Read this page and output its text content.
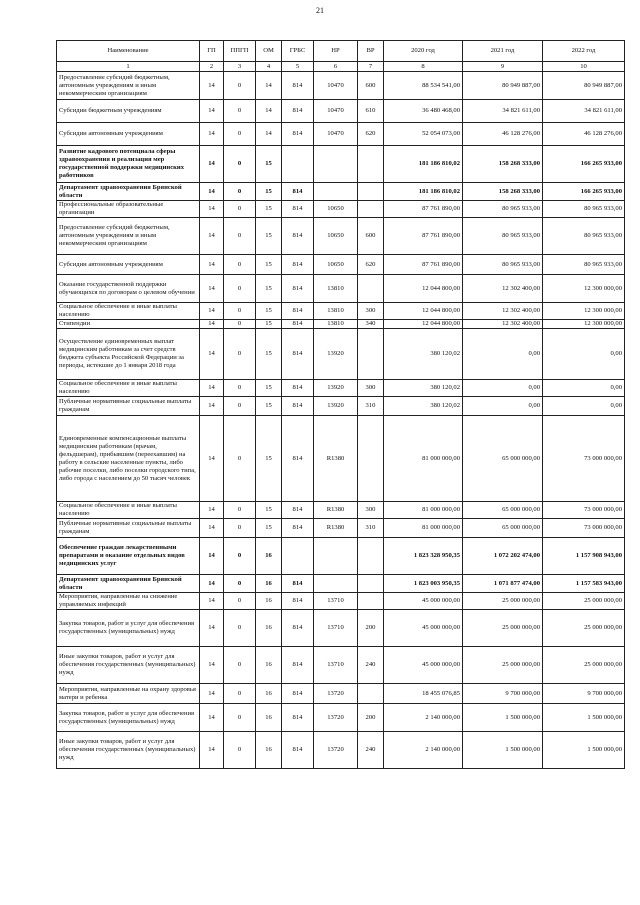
21
Наименование	ГП	ППГП	ОМ	ГРБС	НР	ВР	2020 год	2021 год	2022 год
1	2	3	4	5	6	7	8	9	10
Предоставление субсидий бюджетным, автономным учреждениям и иным некоммерческим организациям	14	0	14	814	10470	600	88 534 541,00	80 949 887,00	80 949 887,00
Субсидии бюджетным учреждениям	14	0	14	814	10470	610	36 480 468,00	34 821 611,00	34 821 611,00
Субсидии автономным учреждениям	14	0	14	814	10470	620	52 054 073,00	46 128 276,00	46 128 276,00
Развитие кадрового потенциала сферы здравоохранения и реализация мер государственной поддержки медицинских работников	14	0	15				181 186 810,02	158 268 333,00	166 265 933,00
Департамент здравоохранения Брянской области	14	0	15	814			181 186 810,02	158 268 333,00	166 265 933,00
Профессиональные образовательные организации	14	0	15	814	10650		87 761 890,00	80 965 933,00	80 965 933,00
Предоставление субсидий бюджетным, автономным учреждениям и иным некоммерческим организациям	14	0	15	814	10650	600	87 761 890,00	80 965 933,00	80 965 933,00
Субсидии автономным учреждениям	14	0	15	814	10650	620	87 761 890,00	80 965 933,00	80 965 933,00
Оказание государственной поддержки обучающихся по договорам о целевом обучении	14	0	15	814	13810		12 044 800,00	12 302 400,00	12 300 000,00
Социальное обеспечение и иные выплаты населению	14	0	15	814	13810	300	12 044 800,00	12 302 400,00	12 300 000,00
Стипендии	14	0	15	814	13810	340	12 044 800,00	12 302 400,00	12 300 000,00
Осуществление единовременных выплат медицинским работникам за счет средств бюджета субъекта Российской Федерации за периоды, истекшие до 1 января 2018 года	14	0	15	814	13920		380 120,02	0,00	0,00
Социальное обеспечение и иные выплаты населению	14	0	15	814	13920	300	380 120,02	0,00	0,00
Публичные нормативные социальные выплаты гражданам	14	0	15	814	13920	310	380 120,02	0,00	0,00
Единовременные компенсационные выплаты медицинским работникам (врачам, фельдшерам), прибывшим (переехавшим) на работу в сельские населенные пункты, либо рабочие поселки, либо поселки городского типа, либо города с населением до 50 тысяч человек	14	0	15	814	R1380		81 000 000,00	65 000 000,00	73 000 000,00
Социальное обеспечение и иные выплаты населению	14	0	15	814	R1380	300	81 000 000,00	65 000 000,00	73 000 000,00
Публичные нормативные социальные выплаты гражданам	14	0	15	814	R1380	310	81 000 000,00	65 000 000,00	73 000 000,00
Обеспечение граждан лекарственными препаратами и оказание отдельных видов медицинских услуг	14	0	16				1 823 328 950,35	1 072 202 474,00	1 157 908 943,00
Департамент здравоохранения Брянской области	14	0	16	814			1 823 003 950,35	1 071 877 474,00	1 157 583 943,00
Мероприятия, направленные на снижение управляемых инфекций	14	0	16	814	13710		45 000 000,00	25 000 000,00	25 000 000,00
Закупка товаров, работ и услуг для обеспечения государственных (муниципальных) нужд	14	0	16	814	13710	200	45 000 000,00	25 000 000,00	25 000 000,00
Иные закупки товаров, работ и услуг для обеспечения государственных (муниципальных) нужд	14	0	16	814	13710	240	45 000 000,00	25 000 000,00	25 000 000,00
Мероприятия, направленные на охрану здоровья матери и ребенка	14	0	16	814	13720		18 455 076,85	9 700 000,00	9 700 000,00
Закупка товаров, работ и услуг для обеспечения государственных (муниципальных) нужд	14	0	16	814	13720	200	2 140 000,00	1 500 000,00	1 500 000,00
Иные закупки товаров, работ и услуг для обеспечения государственных (муниципальных) нужд	14	0	16	814	13720	240	2 140 000,00	1 500 000,00	1 500 000,00
